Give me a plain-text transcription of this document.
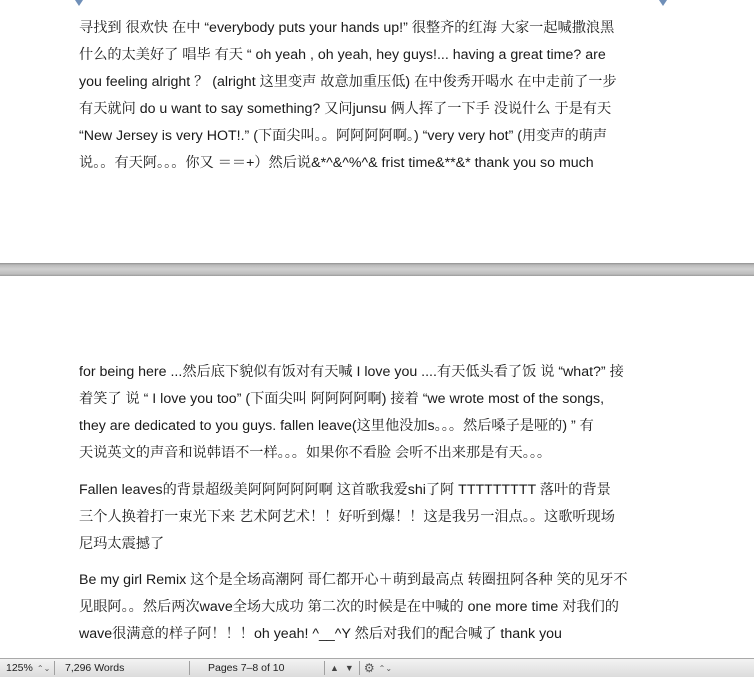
寻找到 很欢快 在中 “everybody puts your hands up!” 很整齐的红海 大家一起喊撒浪黑
什么的太美好了 唱毕 有天 “ oh yeah , oh yeah, hey guys!... having a great time? are
you feeling alright ？ (alright 这里变声 故意加重压低) 在中俊秀开喝水 在中走前了一步
有天就问 do u want to say something? 又问junsu 俩人挥了一下手 没说什么 于是有天
“New Jersey is very HOT!.” (下面尖叫。。阿阿阿阿啊。) “very very hot” (用变声的萌声
说。。有天阿。。。你又 ＝＝+）然后说&*^&^%^& frist time&**&* thank you so much
for being here ...然后底下貌似有饭对有天喊 I love you ....有天低头看了饭 说 “what?” 接
着笑了 说 “ I love you too” (下面尖叫 阿阿阿阿啊) 接着 “we wrote most of the songs,
they are dedicated to you guys. fallen leave(这里他没加s。。。然后嗓子是哑的) ” 有
天说英文的声音和说韩语不一样。。。如果你不看脸 会听不出来那是有天。。。
Fallen leaves的背景超级美阿阿阿阿阿啊 这首歌我爱shi了阿 TTTTTTTTT 落叶的背景
三个人换着打一束光下来 艺术阿艺术！！好听到爆！！这是我另一泪点。。这歌听现场
尼玛太震撼了
Be my girl Remix 这个是全场高潮阿 哥仁都开心＋萌到最高点 转圈扭阿各种 笑的见牙不
见眼阿。。然后两次wave全场大成功 第二次的时候是在中喊的 one more time 对我们的
wave很满意的样子阿！！！oh yeah! ^__^Y 然后对我们的配合喊了 thank you
125% ⌃⌄ 7,296 Words	Pages 7–8 of 10	▲ ▼ ⚙ ⌃⌄
